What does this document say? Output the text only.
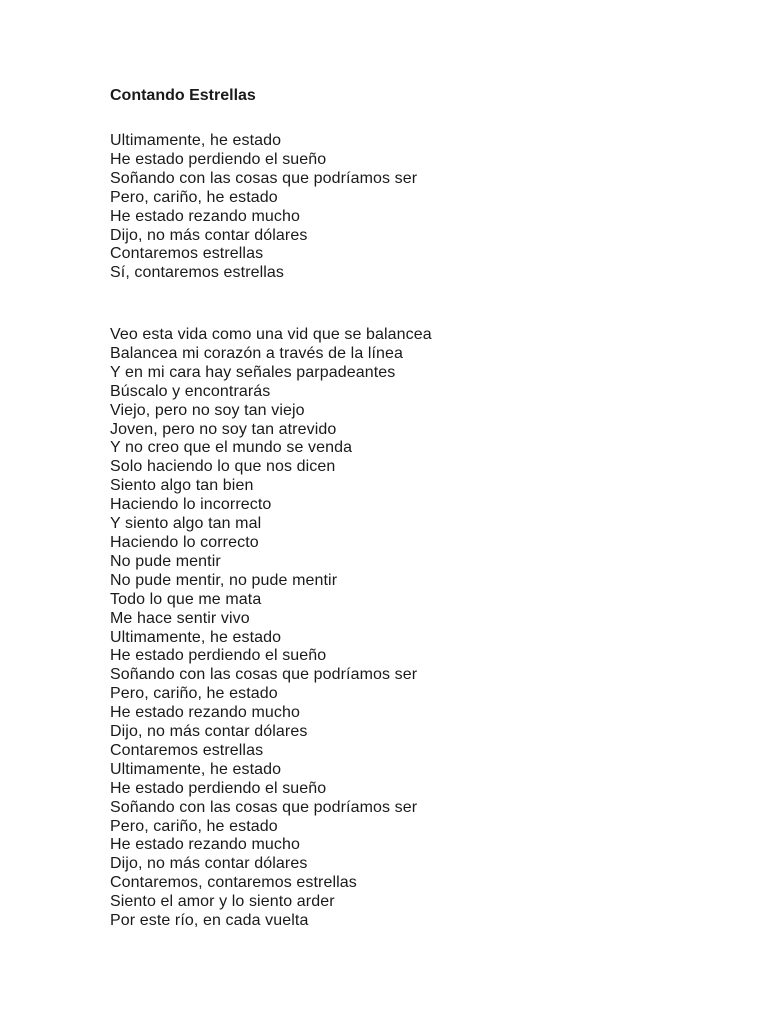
Contando Estrellas
Ultimamente, he estado
He estado perdiendo el sueño
Soñando con las cosas que podríamos ser
Pero, cariño, he estado
He estado rezando mucho
Dijo, no más contar dólares
Contaremos estrellas
Sí, contaremos estrellas
Veo esta vida como una vid que se balancea
Balancea mi corazón a través de la línea
Y en mi cara hay señales parpadeantes
Búscalo y encontrarás
Viejo, pero no soy tan viejo
Joven, pero no soy tan atrevido
Y no creo que el mundo se venda
Solo haciendo lo que nos dicen
Siento algo tan bien
Haciendo lo incorrecto
Y siento algo tan mal
Haciendo lo correcto
No pude mentir
No pude mentir, no pude mentir
Todo lo que me mata
Me hace sentir vivo
Ultimamente, he estado
He estado perdiendo el sueño
Soñando con las cosas que podríamos ser
Pero, cariño, he estado
He estado rezando mucho
Dijo, no más contar dólares
Contaremos estrellas
Ultimamente, he estado
He estado perdiendo el sueño
Soñando con las cosas que podríamos ser
Pero, cariño, he estado
He estado rezando mucho
Dijo, no más contar dólares
Contaremos, contaremos estrellas
Siento el amor y lo siento arder
Por este río, en cada vuelta
